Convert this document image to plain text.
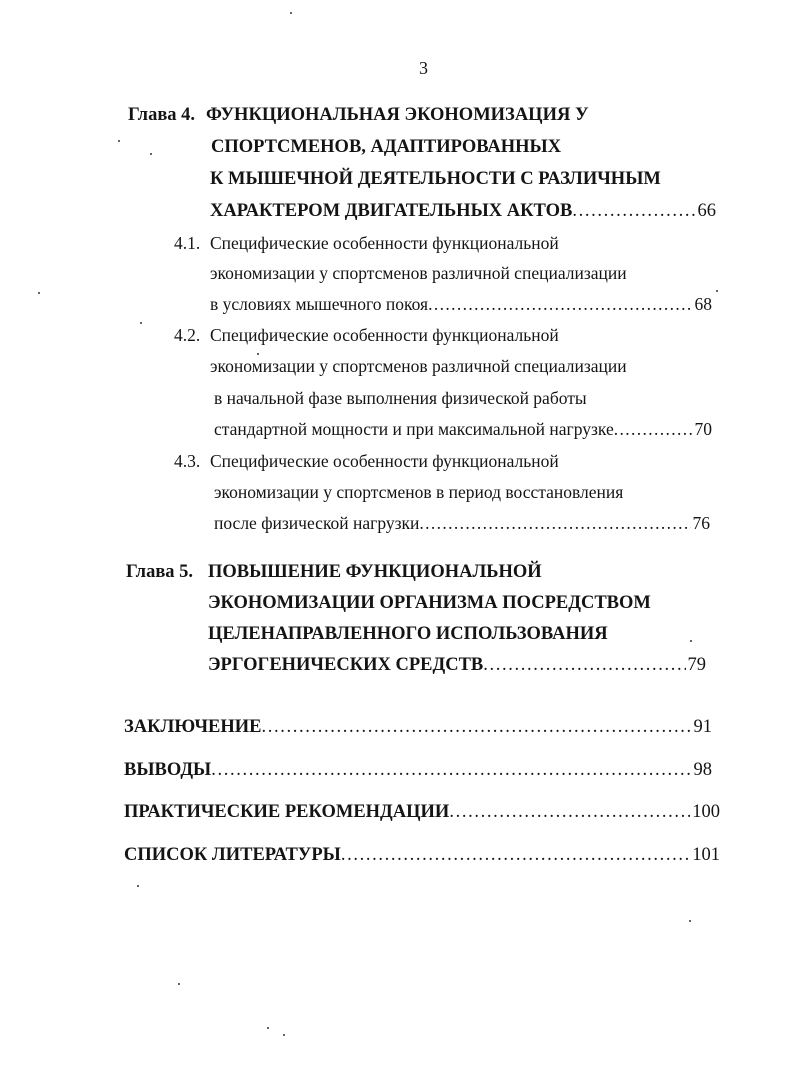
3
Глава 4. ФУНКЦИОНАЛЬНАЯ ЭКОНОМИЗАЦИЯ У
СПОРТСМЕНОВ, АДАПТИРОВАННЫХ
К МЫШЕЧНОЙ ДЕЯТЕЛЬНОСТИ С РАЗЛИЧНЫМ
ХАРАКТЕРОМ ДВИГАТЕЛЬНЫХ АКТОВ . . .	66
4.1. Специфические особенности функциональной
экономизации у спортсменов различной специализации
в условиях мышечного покоя . . .	68
4.2. Специфические особенности функциональной
экономизации у спортсменов различной специализации
в начальной фазе выполнения физической работы
стандартной мощности и при максимальной нагрузке . . .	70
4.3. Специфические особенности функциональной
экономизации у спортсменов в период восстановления
после физической нагрузки . . .	76
Глава 5. ПОВЫШЕНИЕ ФУНКЦИОНАЛЬНОЙ
ЭКОНОМИЗАЦИИ ОРГАНИЗМА ПОСРЕДСТВОМ
ЦЕЛЕНАПРАВЛЕННОГО ИСПОЛЬЗОВАНИЯ
ЭРГОГЕНИЧЕСКИХ СРЕДСТВ . . .	79
ЗАКЛЮЧЕНИЕ . . .	91
ВЫВОДЫ . . .	98
ПРАКТИЧЕСКИЕ РЕКОМЕНДАЦИИ . . .	100
СПИСОК ЛИТЕРАТУРЫ . . .	101
